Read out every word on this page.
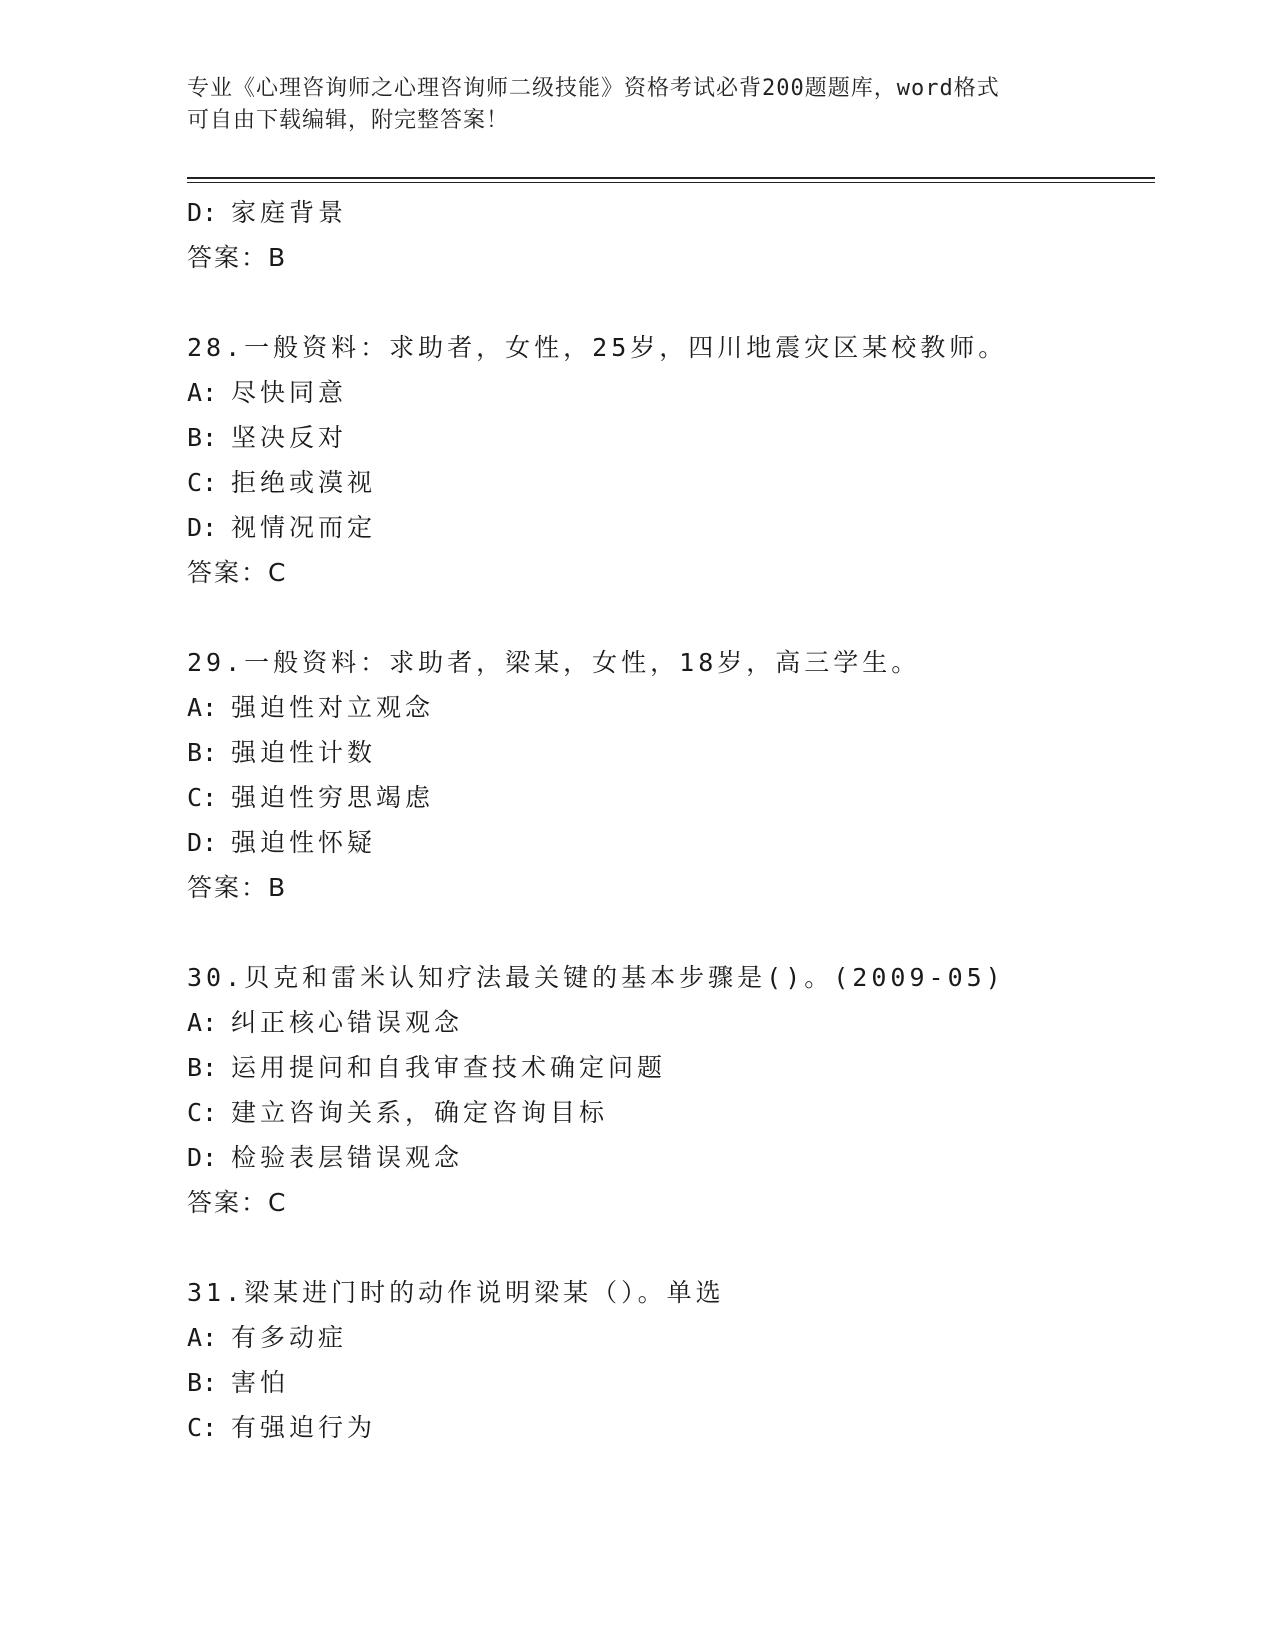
专业《心理咨询师之心理咨询师二级技能》资格考试必背200题题库，word格式
可自由下载编辑，附完整答案！
D: 家庭背景
答案：B
28.一般资料：求助者，女性，25岁，四川地震灾区某校教师。
A: 尽快同意
B: 坚决反对
C: 拒绝或漠视
D: 视情况而定
答案：C
29.一般资料：求助者，梁某，女性，18岁，高三学生。
A: 强迫性对立观念
B: 强迫性计数
C: 强迫性穷思竭虑
D: 强迫性怀疑
答案：B
30.贝克和雷米认知疗法最关键的基本步骤是()。(2009-05)
A: 纠正核心错误观念
B: 运用提问和自我审查技术确定问题
C: 建立咨询关系，确定咨询目标
D: 检验表层错误观念
答案：C
31.梁某进门时的动作说明梁某（）。单选
A: 有多动症
B: 害怕
C: 有强迫行为
